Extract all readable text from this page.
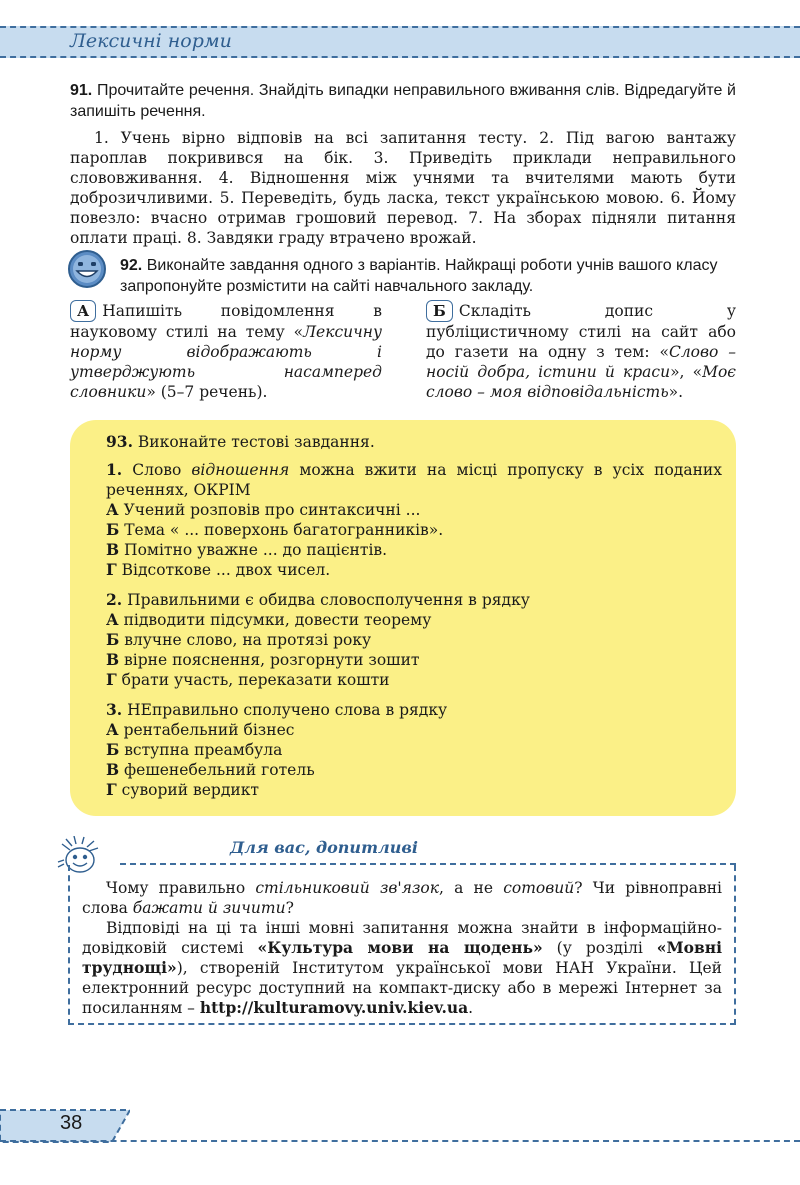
Лексичні норми
91. Прочитайте речення. Знайдіть випадки неправильного вживання слів. Відредагуйте й запишіть речення.
1. Учень вірно відповів на всі запитання тесту. 2. Під вагою вантажу пароплав покривився на бік. 3. Приведіть приклади неправильного слововживання. 4. Відношення між учнями та вчителями мають бути доброзичливими. 5. Переведіть, будь ласка, текст українською мовою. 6. Йому повезло: вчасно отримав грошовий перевод. 7. На зборах підняли питання оплати праці. 8. Завдяки граду втрачено врожай.
92. Виконайте завдання одного з варіантів. Найкращі роботи учнів вашого класу запропонуйте розмістити на сайті навчального закладу.
А Напишіть повідомлення в науковому стилі на тему «Лексичну норму відображають і утверджують насамперед словники» (5–7 речень).
Б Складіть допис у публіцистичному стилі на сайт або до газети на одну з тем: «Слово – носій добра, істини й краси», «Моє слово – моя відповідальність».
93. Виконайте тестові завдання.
1. Слово відношення можна вжити на місці пропуску в усіх поданих реченнях, ОКРІМ
А Учений розповів про синтаксичні ...
Б Тема « ... поверхонь багатогранників».
В Помітно уважне ... до пацієнтів.
Г Відсоткове ... двох чисел.
2. Правильними є обидва словосполучення в рядку
А підводити підсумки, довести теорему
Б влучне слово, на протязі року
В вірне пояснення, розгорнути зошит
Г брати участь, переказати кошти
3. НЕправильно сполучено слова в рядку
А рентабельний бізнес
Б вступна преамбула
В фешенебельний готель
Г суворий вердикт
Для вас, допитливі

Чому правильно стільниковий зв'язок, а не сотовий? Чи рівноправні слова бажати й зичити?

Відповіді на ці та інші мовні запитання можна знайти в інформаційно-довідковій системі «Культура мови на щодень» (у розділі «Мовні труднощі»), створеній Інститутом української мови НАН України. Цей електронний ресурс доступний на компакт-диску або в мережі Інтернет за посиланням – http://kulturamovy.univ.kiev.ua.

38
